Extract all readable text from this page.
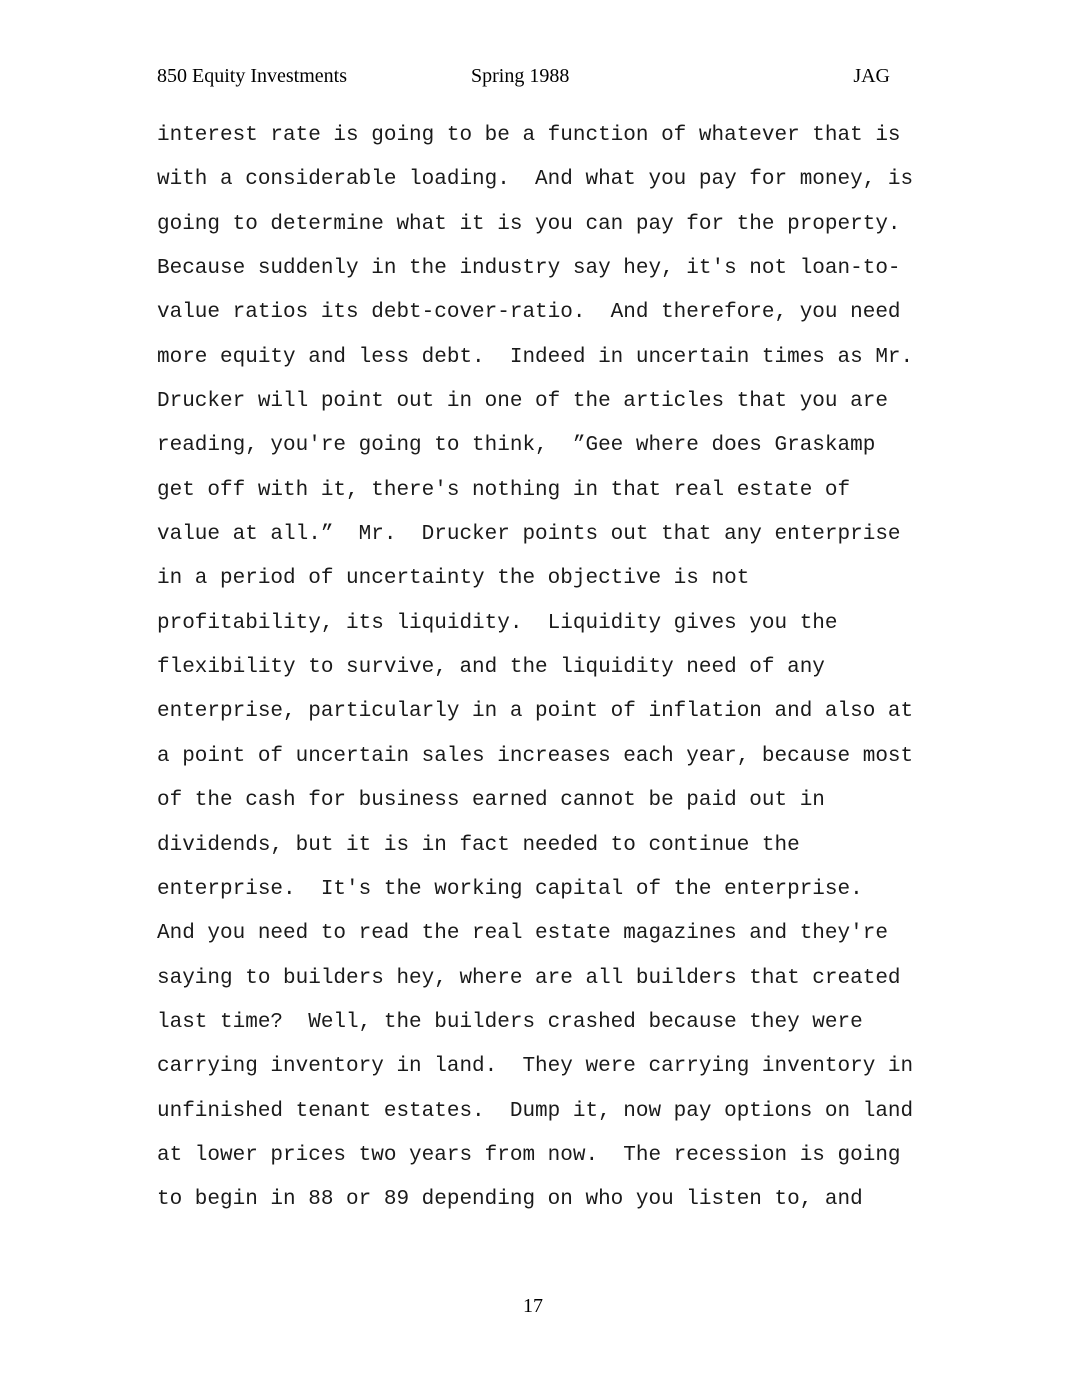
850 Equity Investments	Spring 1988	JAG
interest rate is going to be a function of whatever that is
with a considerable loading.  And what you pay for money, is
going to determine what it is you can pay for the property.
Because suddenly in the industry say hey, it's not loan-to-
value ratios its debt-cover-ratio.  And therefore, you need
more equity and less debt.  Indeed in uncertain times as Mr.
Drucker will point out in one of the articles that you are
reading, you're going to think,  ”Gee where does Graskamp
get off with it, there's nothing in that real estate of
value at all.”  Mr.  Drucker points out that any enterprise
in a period of uncertainty the objective is not
profitability, its liquidity.  Liquidity gives you the
flexibility to survive, and the liquidity need of any
enterprise, particularly in a point of inflation and also at
a point of uncertain sales increases each year, because most
of the cash for business earned cannot be paid out in
dividends, but it is in fact needed to continue the
enterprise.  It's the working capital of the enterprise.
And you need to read the real estate magazines and they're
saying to builders hey, where are all builders that created
last time?  Well, the builders crashed because they were
carrying inventory in land.  They were carrying inventory in
unfinished tenant estates.  Dump it, now pay options on land
at lower prices two years from now.  The recession is going
to begin in 88 or 89 depending on who you listen to, and
17
